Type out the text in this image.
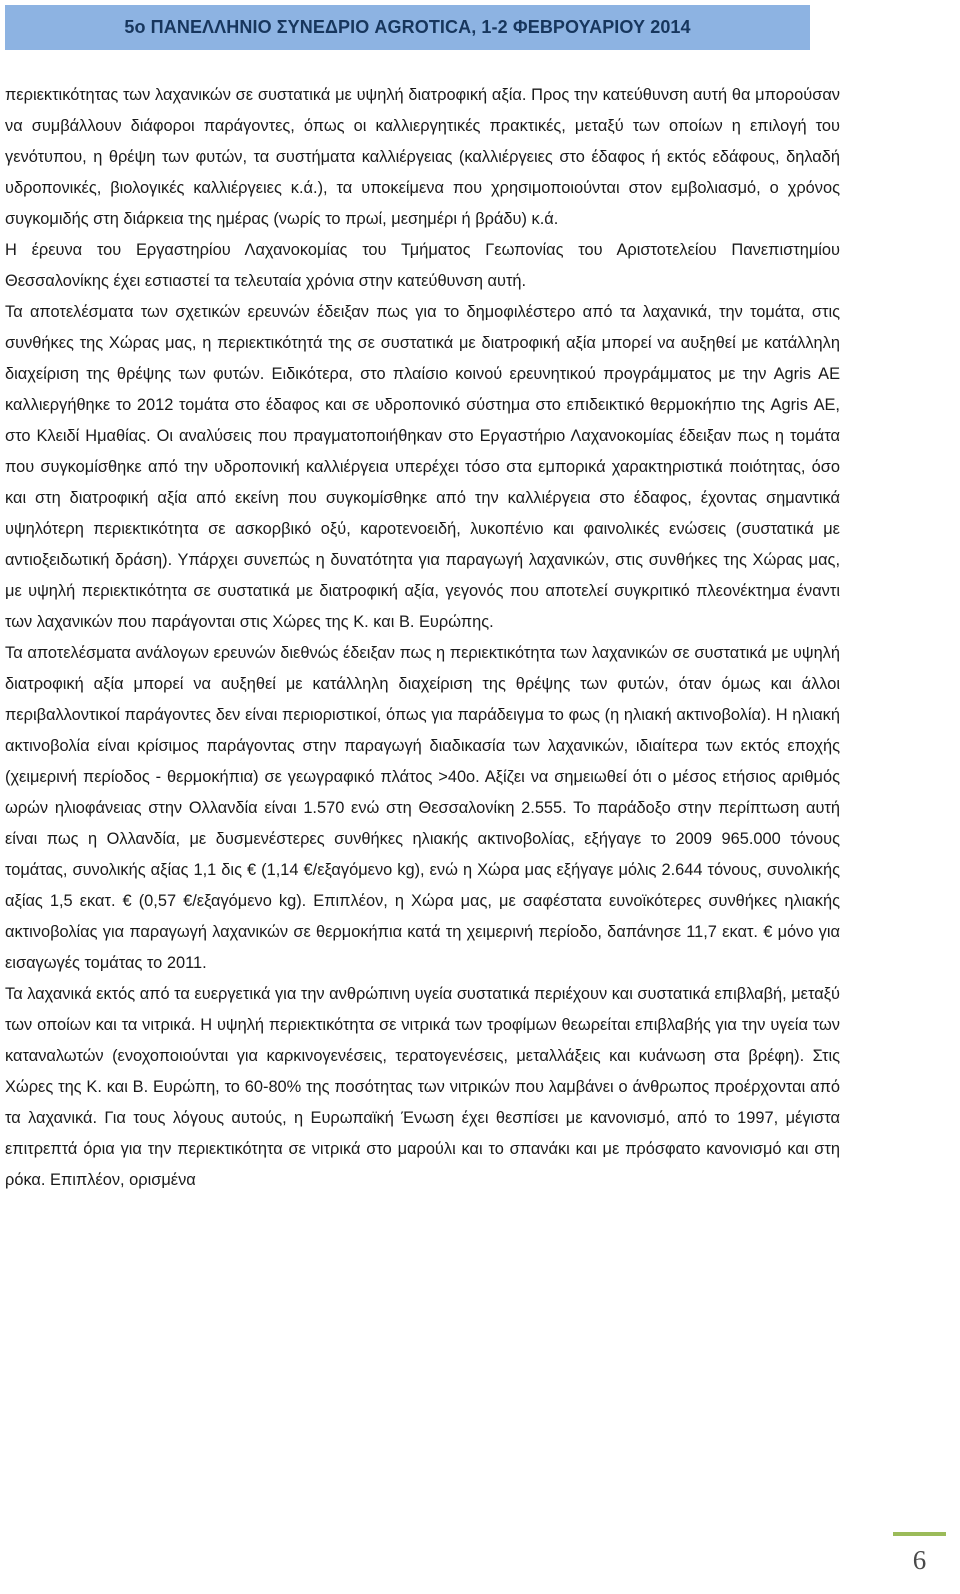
5ο ΠΑΝΕΛΛΗΝΙΟ ΣΥΝΕΔΡΙΟ AGROTICA, 1-2 ΦΕΒΡΟΥΑΡΙΟΥ 2014

περιεκτικότητας των λαχανικών σε συστατικά με υψηλή διατροφική αξία. Προς την κατεύθυνση αυτή θα μπορούσαν να συμβάλλουν διάφοροι παράγοντες, όπως οι καλλιεργητικές πρακτικές, μεταξύ των οποίων η επιλογή του γενότυπου, η θρέψη των φυτών, τα συστήματα καλλιέργειας (καλλιέργειες στο έδαφος ή εκτός εδάφους, δηλαδή υδροπονικές, βιολογικές καλλιέργειες κ.ά.), τα υποκείμενα που χρησιμοποιούνται στον εμβολιασμό, ο χρόνος συγκομιδής στη διάρκεια της ημέρας (νωρίς το πρωί, μεσημέρι ή βράδυ) κ.ά.

Η έρευνα του Εργαστηρίου Λαχανοκομίας του Τμήματος Γεωπονίας του Αριστοτελείου Πανεπιστημίου Θεσσαλονίκης έχει εστιαστεί τα τελευταία χρόνια στην κατεύθυνση αυτή.

Τα αποτελέσματα των σχετικών ερευνών έδειξαν πως για το δημοφιλέστερο από τα λαχανικά, την τομάτα, στις συνθήκες της Χώρας μας, η περιεκτικότητά της σε συστατικά με διατροφική αξία μπορεί να αυξηθεί με κατάλληλη διαχείριση της θρέψης των φυτών. Ειδικότερα, στο πλαίσιο κοινού ερευνητικού προγράμματος με την Agris ΑΕ καλλιεργήθηκε το 2012 τομάτα στο έδαφος και σε υδροπονικό σύστημα στο επιδεικτικό θερμοκήπιο της Agris ΑΕ, στο Κλειδί Ημαθίας. Οι αναλύσεις που πραγματοποιήθηκαν στο Εργαστήριο Λαχανοκομίας έδειξαν πως η τομάτα που συγκομίσθηκε από την υδροπονική καλλιέργεια υπερέχει τόσο στα εμπορικά χαρακτηριστικά ποιότητας, όσο και στη διατροφική αξία από εκείνη που συγκομίσθηκε από την καλλιέργεια στο έδαφος, έχοντας σημαντικά υψηλότερη περιεκτικότητα σε ασκορβικό οξύ, καροτενοειδή, λυκοπένιο και φαινολικές ενώσεις (συστατικά με αντιοξειδωτική δράση). Υπάρχει συνεπώς η δυνατότητα για παραγωγή λαχανικών, στις συνθήκες της Χώρας μας, με υψηλή περιεκτικότητα σε συστατικά με διατροφική αξία, γεγονός που αποτελεί συγκριτικό πλεονέκτημα έναντι των λαχανικών που παράγονται στις Χώρες της Κ. και Β. Ευρώπης.

Τα αποτελέσματα ανάλογων ερευνών διεθνώς έδειξαν πως η περιεκτικότητα των λαχανικών σε συστατικά με υψηλή διατροφική αξία μπορεί να αυξηθεί με κατάλληλη διαχείριση της θρέψης των φυτών, όταν όμως και άλλοι περιβαλλοντικοί παράγοντες δεν είναι περιοριστικοί, όπως για παράδειγμα το φως (η ηλιακή ακτινοβολία). Η ηλιακή ακτινοβολία είναι κρίσιμος παράγοντας στην παραγωγή διαδικασία των λαχανικών, ιδιαίτερα των εκτός εποχής (χειμερινή περίοδος - θερμοκήπια) σε γεωγραφικό πλάτος >40ο. Αξίζει να σημειωθεί ότι ο μέσος ετήσιος αριθμός ωρών ηλιοφάνειας στην Ολλανδία είναι 1.570 ενώ στη Θεσσαλονίκη 2.555. Το παράδοξο στην περίπτωση αυτή είναι πως η Ολλανδία, με δυσμενέστερες συνθήκες ηλιακής ακτινοβολίας, εξήγαγε το 2009 965.000 τόνους τομάτας, συνολικής αξίας 1,1 δις € (1,14 €/εξαγόμενο kg), ενώ η Χώρα μας εξήγαγε μόλις 2.644 τόνους, συνολικής αξίας 1,5 εκατ. € (0,57 €/εξαγόμενο kg). Επιπλέον, η Χώρα μας, με σαφέστατα ευνοϊκότερες συνθήκες ηλιακής ακτινοβολίας για παραγωγή λαχανικών σε θερμοκήπια κατά τη χειμερινή περίοδο, δαπάνησε 11,7 εκατ. € μόνο για εισαγωγές τομάτας το 2011.

Τα λαχανικά εκτός από τα ευεργετικά για την ανθρώπινη υγεία συστατικά περιέχουν και συστατικά επιβλαβή, μεταξύ των οποίων και τα νιτρικά. Η υψηλή περιεκτικότητα σε νιτρικά των τροφίμων θεωρείται επιβλαβής για την υγεία των καταναλωτών (ενοχοποιούνται για καρκινογενέσεις, τερατογενέσεις, μεταλλάξεις και κυάνωση στα βρέφη). Στις Χώρες της Κ. και Β. Ευρώπη, το 60-80% της ποσότητας των νιτρικών που λαμβάνει ο άνθρωπος προέρχονται από τα λαχανικά. Για τους λόγους αυτούς, η Ευρωπαϊκή Ένωση έχει θεσπίσει με κανονισμό, από το 1997, μέγιστα επιτρεπτά όρια για την περιεκτικότητα σε νιτρικά στο μαρούλι και το σπανάκι και με πρόσφατο κανονισμό και στη ρόκα. Επιπλέον, ορισμένα

6
